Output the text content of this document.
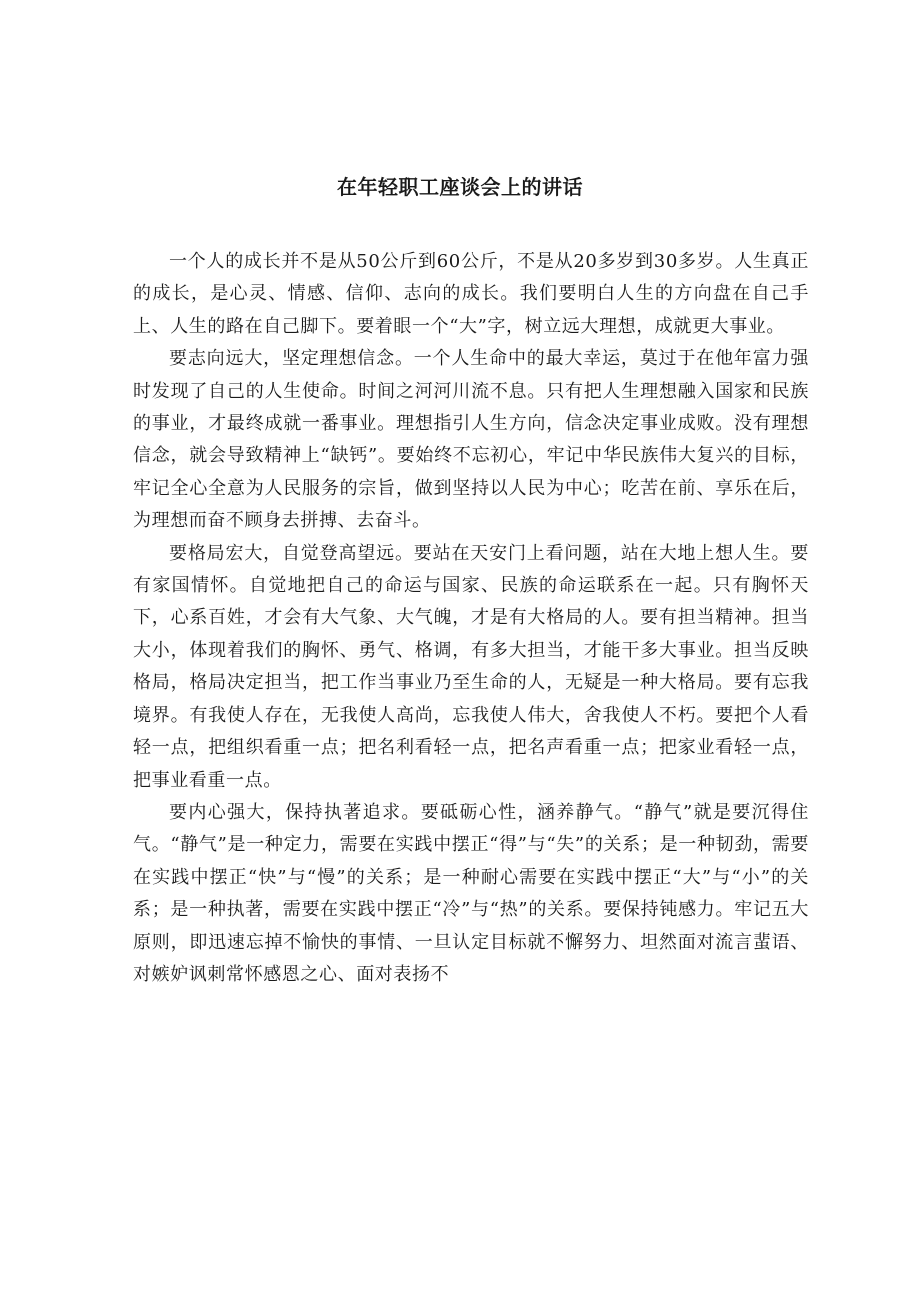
在年轻职工座谈会上的讲话

一个人的成长并不是从50公斤到60公斤，不是从20多岁到30多岁。人生真正的成长，是心灵、情感、信仰、志向的成长。我们要明白人生的方向盘在自己手上、人生的路在自己脚下。要着眼一个“大”字，树立远大理想，成就更大事业。

要志向远大，坚定理想信念。一个人生命中的最大幸运，莫过于在他年富力强时发现了自己的人生使命。时间之河河川流不息。只有把人生理想融入国家和民族的事业，才最终成就一番事业。理想指引人生方向，信念决定事业成败。没有理想信念，就会导致精神上“缺钙”。要始终不忘初心，牢记中华民族伟大复兴的目标，牢记全心全意为人民服务的宗旨，做到坚持以人民为中心；吃苦在前、享乐在后，为理想而奋不顾身去拼搏、去奋斗。

要格局宏大，自觉登高望远。要站在天安门上看问题，站在大地上想人生。要有家国情怀。自觉地把自己的命运与国家、民族的命运联系在一起。只有胸怀天下，心系百姓，才会有大气象、大气魄，才是有大格局的人。要有担当精神。担当大小，体现着我们的胸怀、勇气、格调，有多大担当，才能干多大事业。担当反映格局，格局决定担当，把工作当事业乃至生命的人，无疑是一种大格局。要有忘我境界。有我使人存在，无我使人高尚，忘我使人伟大，舍我使人不朽。要把个人看轻一点，把组织看重一点；把名利看轻一点，把名声看重一点；把家业看轻一点，把事业看重一点。

要内心强大，保持执著追求。要砥砺心性，涵养静气。“静气”就是要沉得住气。“静气”是一种定力，需要在实践中摆正“得”与“失”的关系；是一种韧劲，需要在实践中摆正“快”与“慢”的关系；是一种耐心需要在实践中摆正“大”与“小”的关系；是一种执著，需要在实践中摆正“冷”与“热”的关系。要保持钝感力。牢记五大原则，即迅速忘掉不愉快的事情、一旦认定目标就不懈努力、坦然面对流言蜚语、对嫉妒讽刺常怀感恩之心、面对表扬不
